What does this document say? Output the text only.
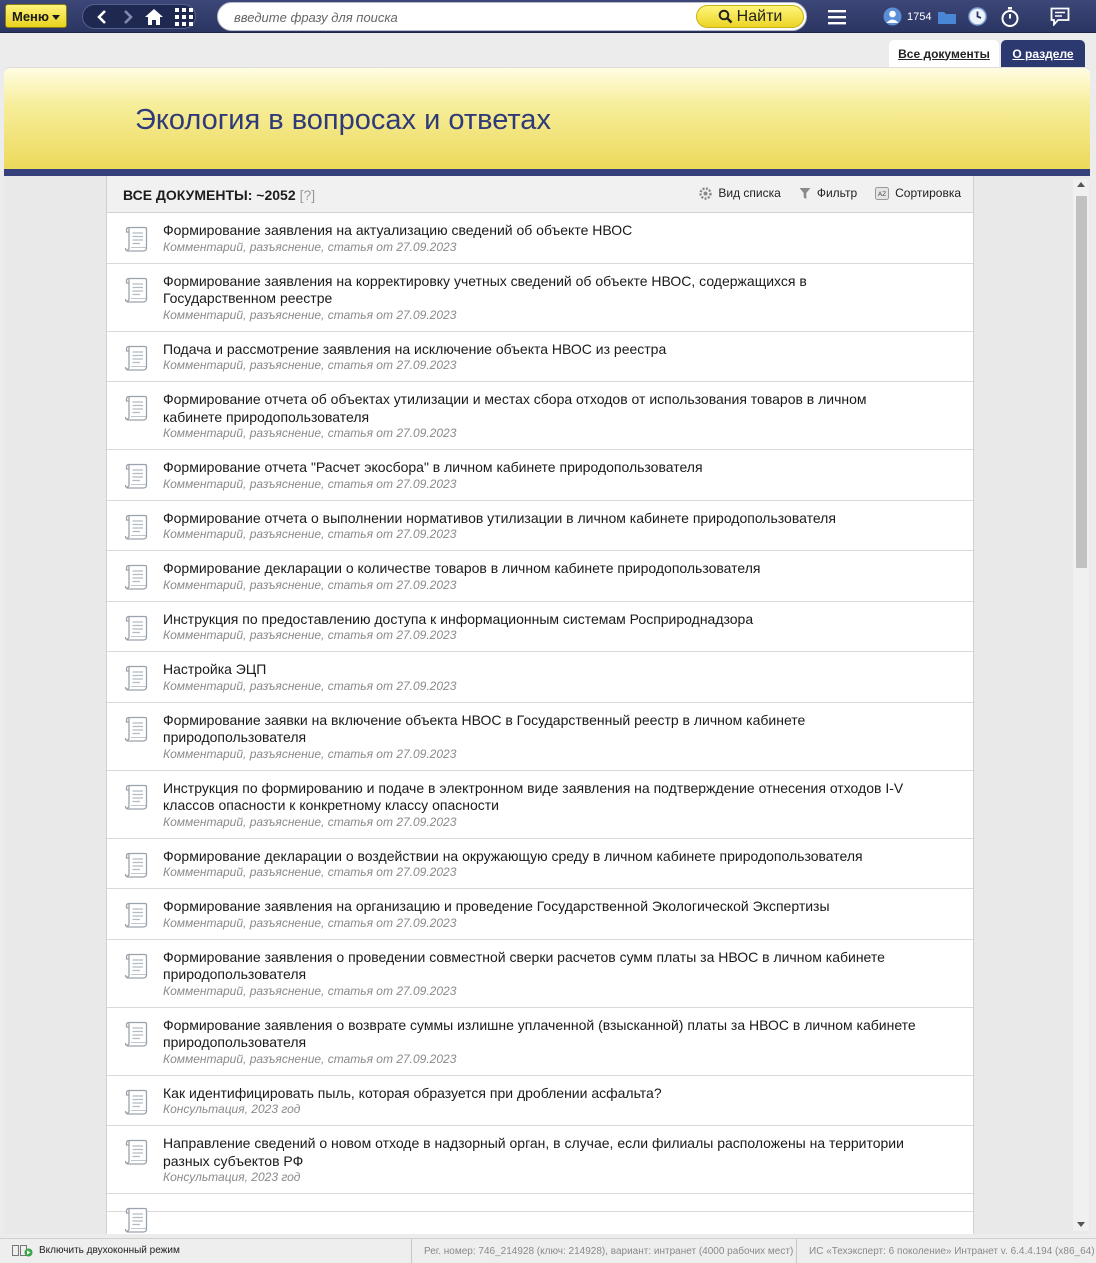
Меню
введите фразу для поиска	Найти	1754
Все документы	О разделе
Экология в вопросах и ответах
ВСЕ ДОКУМЕНТЫ: ~2052 [?]	Вид списка	Фильтр	AZ Сортировка
Формирование заявления на актуализацию сведений об объекте НВОС
Комментарий, разъяснение, статья от 27.09.2023
Формирование заявления на корректировку учетных сведений об объекте НВОС, содержащихся в Государственном реестре
Комментарий, разъяснение, статья от 27.09.2023
Подача и рассмотрение заявления на исключение объекта НВОС из реестра
Комментарий, разъяснение, статья от 27.09.2023
Формирование отчета об объектах утилизации и местах сбора отходов от использования товаров в личном кабинете природопользователя
Комментарий, разъяснение, статья от 27.09.2023
Формирование отчета "Расчет экосбора" в личном кабинете природопользователя
Комментарий, разъяснение, статья от 27.09.2023
Формирование отчета о выполнении нормативов утилизации в личном кабинете природопользователя
Комментарий, разъяснение, статья от 27.09.2023
Формирование декларации о количестве товаров в личном кабинете природопользователя
Комментарий, разъяснение, статья от 27.09.2023
Инструкция по предоставлению доступа к информационным системам Росприроднадзора
Комментарий, разъяснение, статья от 27.09.2023
Настройка ЭЦП
Комментарий, разъяснение, статья от 27.09.2023
Формирование заявки на включение объекта НВОС в Государственный реестр в личном кабинете природопользователя
Комментарий, разъяснение, статья от 27.09.2023
Инструкция по формированию и подаче в электронном виде заявления на подтверждение отнесения отходов I-V классов опасности к конкретному классу опасности
Комментарий, разъяснение, статья от 27.09.2023
Формирование декларации о воздействии на окружающую среду в личном кабинете природопользователя
Комментарий, разъяснение, статья от 27.09.2023
Формирование заявления на организацию и проведение Государственной Экологической Экспертизы
Комментарий, разъяснение, статья от 27.09.2023
Формирование заявления о проведении совместной сверки расчетов сумм платы за НВОС в личном кабинете природопользователя
Комментарий, разъяснение, статья от 27.09.2023
Формирование заявления о возврате суммы излишне уплаченной (взысканной) платы за НВОС в личном кабинете природопользователя
Комментарий, разъяснение, статья от 27.09.2023
Как идентифицировать пыль, которая образуется при дроблении асфальта?
Консультация, 2023 год
Направление сведений о новом отходе в надзорный орган, в случае, если филиалы расположены на территории разных субъектов РФ
Консультация, 2023 год
Включить двухоконный режим	Рег. номер: 746_214928 (ключ: 214928), вариант: интранет (4000 рабочих мест)	ИС «Техэксперт: 6 поколение» Интранет v. 6.4.4.194 (x86_64)
